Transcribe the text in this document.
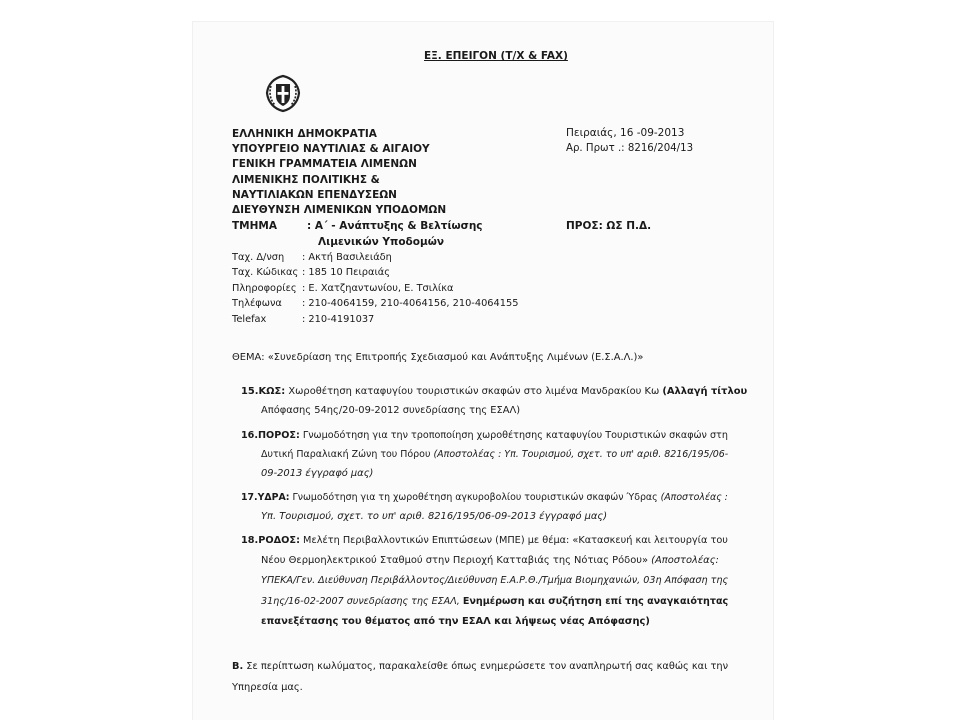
ΕΞ. ΕΠΕΙΓΟΝ (Τ/Χ & FAX)
ΕΛΛΗΝΙΚΗ ΔΗΜΟΚΡΑΤΙΑ
ΥΠΟΥΡΓΕΙΟ ΝΑΥΤΙΛΙΑΣ & ΑΙΓΑΙΟΥ
ΓΕΝΙΚΗ ΓΡΑΜΜΑΤΕΙΑ ΛΙΜΕΝΩΝ
ΛΙΜΕΝΙΚΗΣ ΠΟΛΙΤΙΚΗΣ &
ΝΑΥΤΙΛΙΑΚΩΝ ΕΠΕΝΔΥΣΕΩΝ
ΔΙΕΥΘΥΝΣΗ ΛΙΜΕΝΙΚΩΝ ΥΠΟΔΟΜΩΝ
Πειραιάς, 16 -09-2013
Αρ. Πρωτ .: 8216/204/13
ΤΜΗΜΑ	: Α΄ - Ανάπτυξης & Βελτίωσης
Λιμενικών Υποδομών
ΠΡΟΣ: ΩΣ Π.Δ.
Ταχ. Δ/νση
Ταχ. Κώδικας
Πληροφορίες
Τηλέφωνα
Telefax
: Ακτή Βασιλειάδη
: 185 10 Πειραιάς
: Ε. Χατζηαντωνίου, Ε. Τσιλίκα
: 210-4064159, 210-4064156, 210-4064155
: 210-4191037
ΘΕΜΑ: «Συνεδρίαση της Επιτροπής Σχεδιασμού και Ανάπτυξης Λιμένων (Ε.Σ.Α.Λ.)»
15.ΚΩΣ: Χωροθέτηση καταφυγίου τουριστικών σκαφών στο λιμένα Μανδρακίου Κω (Αλλαγή τίτλου
Απόφασης 54ης/20-09-2012 συνεδρίασης της ΕΣΑΛ)
16.ΠΟΡΟΣ: Γνωμοδότηση για την τροποποίηση χωροθέτησης καταφυγίου Τουριστικών σκαφών στη
Δυτική Παραλιακή Ζώνη του Πόρου (Αποστολέας : Υπ. Τουρισμού, σχετ. το υπ' αριθ. 8216/195/06-
09-2013 έγγραφό μας)
17.ΥΔΡΑ: Γνωμοδότηση για τη χωροθέτηση αγκυροβολίου τουριστικών σκαφών Ύδρας (Αποστολέας :
Υπ. Τουρισμού, σχετ. το υπ' αριθ. 8216/195/06-09-2013 έγγραφό μας)
18.ΡΟΔΟΣ: Μελέτη Περιβαλλοντικών Επιπτώσεων (ΜΠΕ) με θέμα: «Κατασκευή και λειτουργία του
Νέου Θερμοηλεκτρικού Σταθμού στην Περιοχή Κατταβιάς της Νότιας Ρόδου» (Αποστολέας:
ΥΠΕΚΑ/Γεν. Διεύθυνση Περιβάλλοντος/Διεύθυνση Ε.Α.Ρ.Θ./Τμήμα Βιομηχανιών, 03η Απόφαση της
31ης/16-02-2007 συνεδρίασης της ΕΣΑΛ, Ενημέρωση και συζήτηση επί της αναγκαιότητας
επανεξέτασης του θέματος από την ΕΣΑΛ και λήψεως νέας Απόφασης)
Β. Σε περίπτωση κωλύματος, παρακαλείσθε όπως ενημερώσετε τον αναπληρωτή σας καθώς και την
Υπηρεσία μας.
